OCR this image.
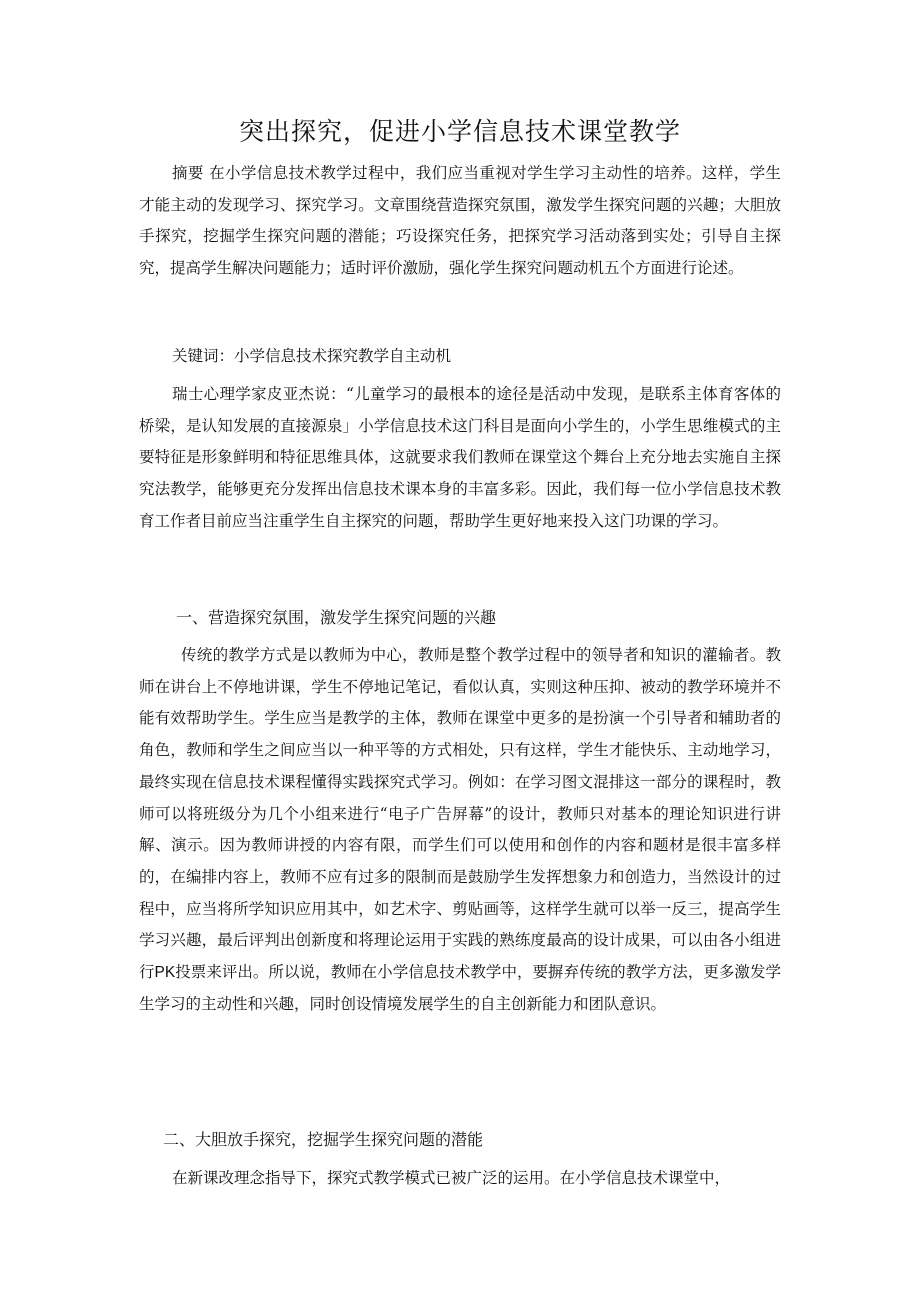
突出探究，促进小学信息技术课堂教学

摘要 在小学信息技术教学过程中，我们应当重视对学生学习主动性的培养。这样，学生才能主动的发现学习、探究学习。文章围绕营造探究氛围，激发学生探究问题的兴趣；大胆放手探究，挖掘学生探究问题的潜能；巧设探究任务，把探究学习活动落到实处；引导自主探究，提高学生解决问题能力；适时评价激励，强化学生探究问题动机五个方面进行论述。

关键词：小学信息技术探究教学自主动机

瑞士心理学家皮亚杰说：“儿童学习的最根本的途径是活动中发现，是联系主体育客体的桥梁，是认知发展的直接源泉」小学信息技术这门科目是面向小学生的，小学生思维模式的主要特征是形象鲜明和特征思维具体，这就要求我们教师在课堂这个舞台上充分地去实施自主探究法教学，能够更充分发挥出信息技术课本身的丰富多彩。因此，我们每一位小学信息技术教育工作者目前应当注重学生自主探究的问题，帮助学生更好地来投入这门功课的学习。

一、营造探究氛围，激发学生探究问题的兴趣

传统的教学方式是以教师为中心，教师是整个教学过程中的领导者和知识的灌输者。教师在讲台上不停地讲课，学生不停地记笔记，看似认真，实则这种压抑、被动的教学环境并不能有效帮助学生。学生应当是教学的主体，教师在课堂中更多的是扮演一个引导者和辅助者的角色，教师和学生之间应当以一种平等的方式相处，只有这样，学生才能快乐、主动地学习，最终实现在信息技术课程懂得实践探究式学习。例如：在学习图文混排这一部分的课程时，教师可以将班级分为几个小组来进行“电子广告屏幕”的设计，教师只对基本的理论知识进行讲解、演示。因为教师讲授的内容有限，而学生们可以使用和创作的内容和题材是很丰富多样的，在编排内容上，教师不应有过多的限制而是鼓励学生发挥想象力和创造力，当然设计的过程中，应当将所学知识应用其中，如艺术字、剪贴画等，这样学生就可以举一反三，提高学生学习兴趣，最后评判出创新度和将理论运用于实践的熟练度最高的设计成果，可以由各小组进行PK投票来评出。所以说，教师在小学信息技术教学中，要摒弃传统的教学方法，更多激发学生学习的主动性和兴趣，同时创设情境发展学生的自主创新能力和团队意识。

二、大胆放手探究，挖掘学生探究问题的潜能

在新课改理念指导下，探究式教学模式已被广泛的运用。在小学信息技术课堂中，
